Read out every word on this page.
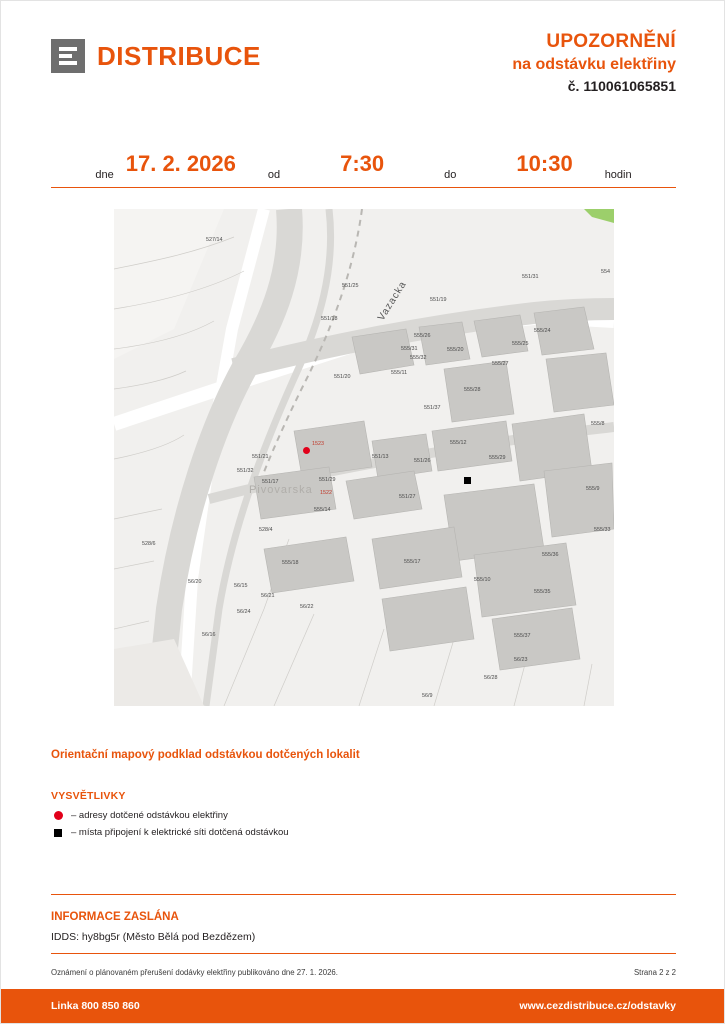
DISTRIBUCE	UPOZORNĚNÍ
na odstávku elektřiny
č. 110061065851
dne 17. 2. 2026	od	7:30	do	10:30	hodin
Vazacka
Pivovarska
527/14
551/25
551/19
551/31
554
551/18
555/26
555/24
555/25
555/31	555/20
555/32
555/27
551/20
555/11
555/28
551/37
555/8
555/12
555/29
551/21	551/13
551/26
551/32
551/17	551/29
551/27
555/9
555/14
528/4	555/33
528/6
555/36
555/18	555/17
555/10
56/20
56/15
56/21
56/22
555/35
56/24
56/16	555/37
56/23
56/28
56/9
1523
1522
Orientační mapový podklad odstávkou dotčených lokalit
VYSVĚTLIVKY
– adresy dotčené odstávkou elektřiny
– místa připojení k elektrické síti dotčená odstávkou
INFORMACE ZASLÁNA
IDDS: hy8bg5r (Město Bělá pod Bezdězem)
Oznámení o plánovaném přerušení dodávky elektřiny publikováno dne 27. 1. 2026.	Strana 2 z 2
Linka 800 850 860	www.cezdistribuce.cz/odstavky
